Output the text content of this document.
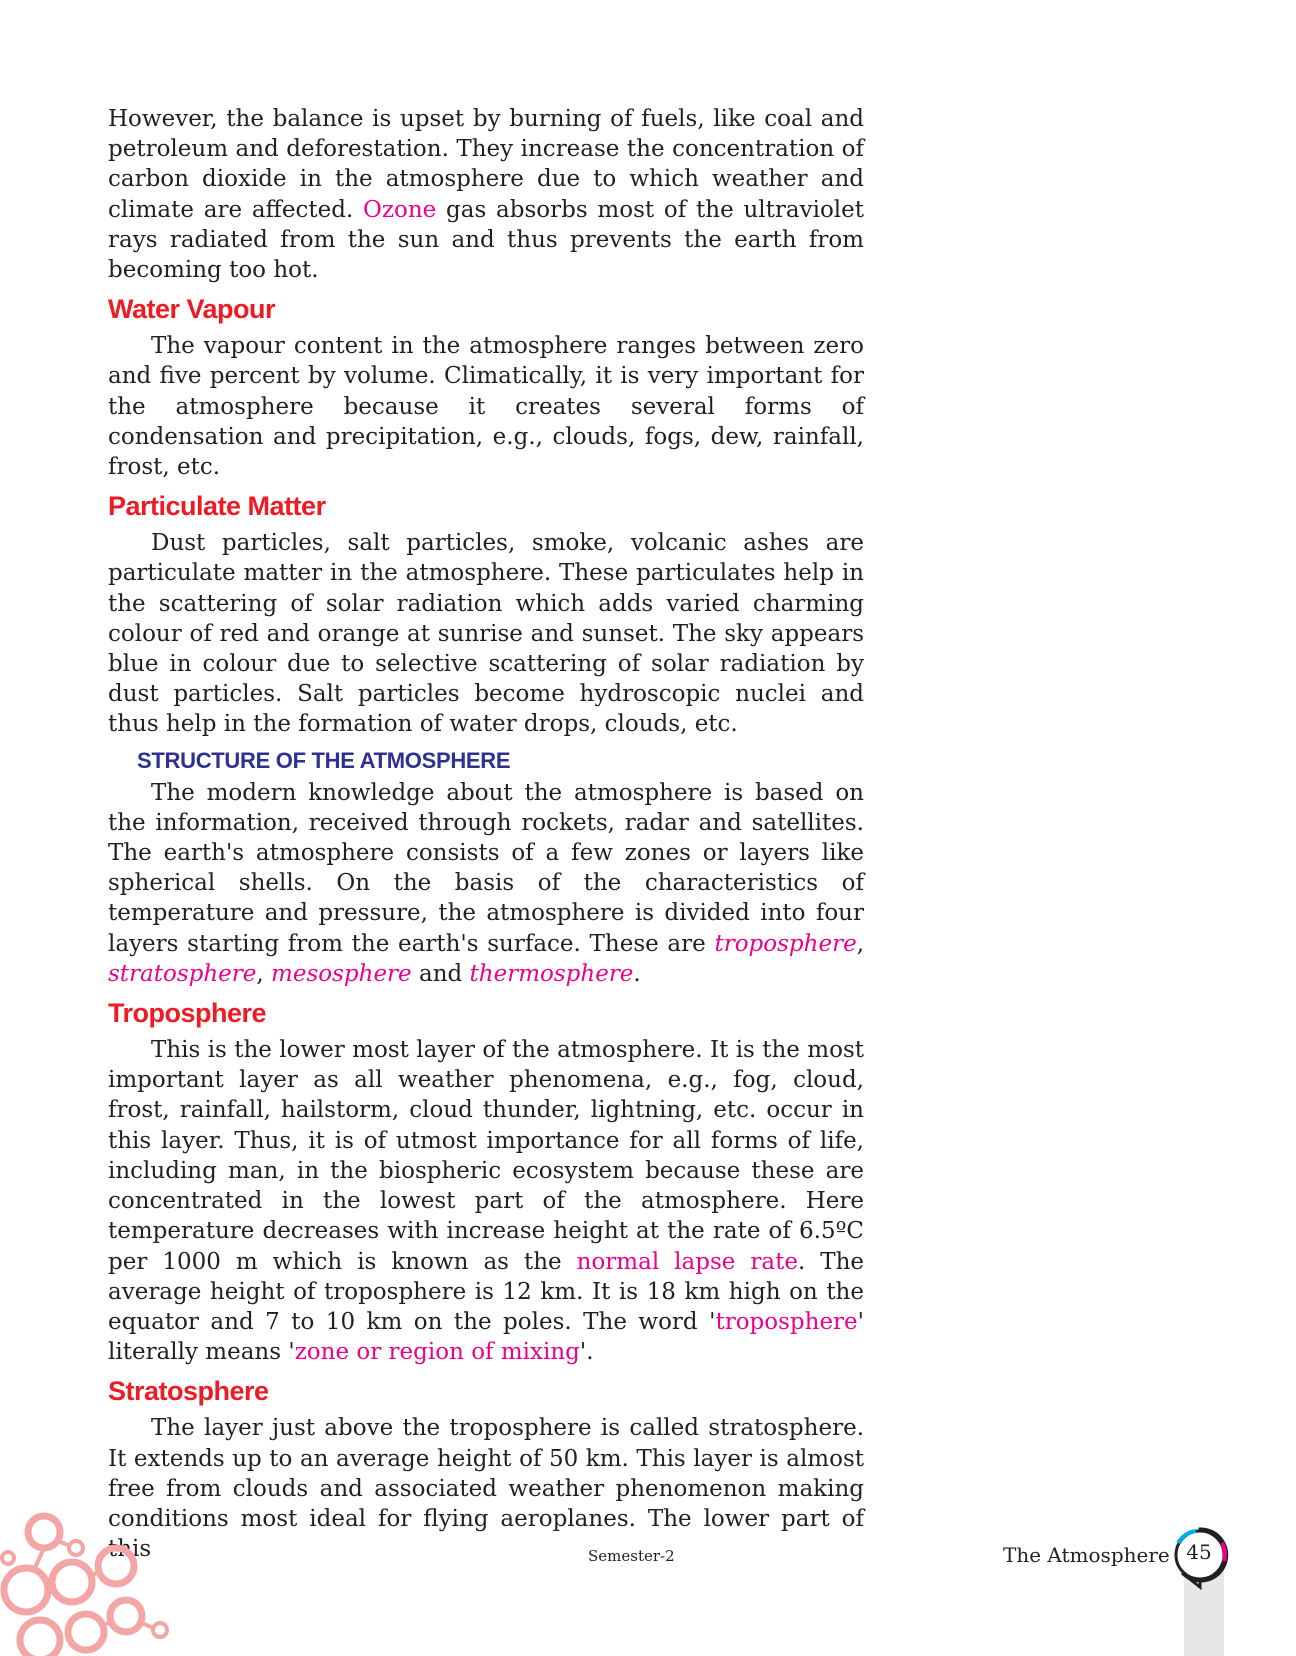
However, the balance is upset by burning of fuels, like coal and petroleum and deforestation. They increase the concentration of carbon dioxide in the atmosphere due to which weather and climate are affected. Ozone gas absorbs most of the ultraviolet rays radiated from the sun and thus prevents the earth from becoming too hot.

Water Vapour

The vapour content in the atmosphere ranges between zero and five percent by volume. Climatically, it is very important for the atmosphere because it creates several forms of condensation and precipitation, e.g., clouds, fogs, dew, rainfall, frost, etc.

Particulate Matter

Dust particles, salt particles, smoke, volcanic ashes are particulate matter in the atmosphere. These particulates help in the scattering of solar radiation which adds varied charming colour of red and orange at sunrise and sunset. The sky appears blue in colour due to selective scattering of solar radiation by dust particles. Salt particles become hydroscopic nuclei and thus help in the formation of water drops, clouds, etc.

STRUCTURE OF THE ATMOSPHERE

The modern knowledge about the atmosphere is based on the information, received through rockets, radar and satellites. The earth's atmosphere consists of a few zones or layers like spherical shells. On the basis of the characteristics of temperature and pressure, the atmosphere is divided into four layers starting from the earth's surface. These are troposphere, stratosphere, mesosphere and thermosphere.

Troposphere

This is the lower most layer of the atmosphere. It is the most important layer as all weather phenomena, e.g., fog, cloud, frost, rainfall, hailstorm, cloud thunder, lightning, etc. occur in this layer. Thus, it is of utmost importance for all forms of life, including man, in the biospheric ecosystem because these are concentrated in the lowest part of the atmosphere. Here temperature decreases with increase height at the rate of 6.5ºC per 1000 m which is known as the normal lapse rate. The average height of troposphere is 12 km. It is 18 km high on the equator and 7 to 10 km on the poles. The word 'troposphere' literally means 'zone or region of mixing'.

Stratosphere

The layer just above the troposphere is called stratosphere. It extends up to an average height of 50 km. This layer is almost free from clouds and associated weather phenomenon making conditions most ideal for flying aeroplanes. The lower part of this	Semester-2	The Atmosphere 45
